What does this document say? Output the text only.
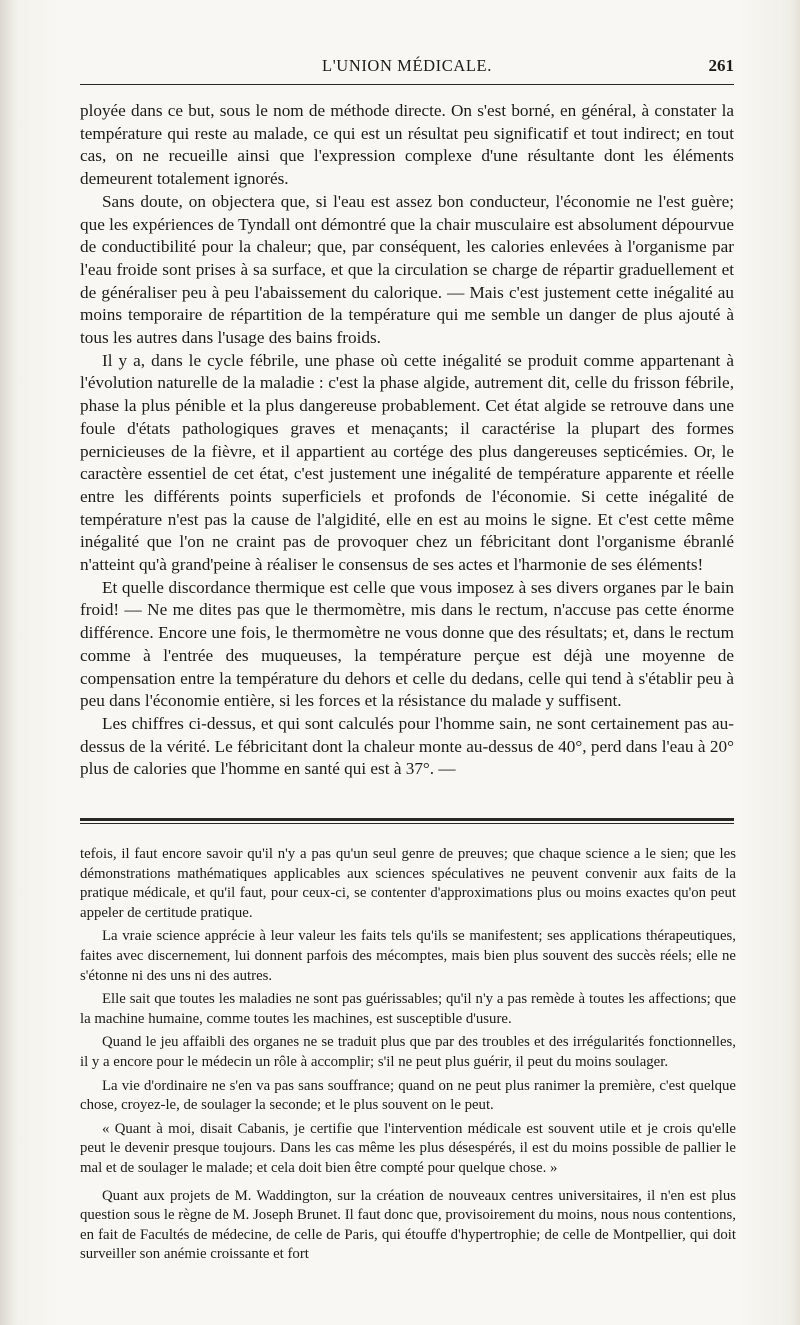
L'UNION MÉDICALE.	261

ployée dans ce but, sous le nom de méthode directe. On s'est borné, en général, à constater la température qui reste au malade, ce qui est un résultat peu significatif et tout indirect; en tout cas, on ne recueille ainsi que l'expression complexe d'une résultante dont les éléments demeurent totalement ignorés.

Sans doute, on objectera que, si l'eau est assez bon conducteur, l'économie ne l'est guère; que les expériences de Tyndall ont démontré que la chair musculaire est absolument dépourvue de conductibilité pour la chaleur; que, par conséquent, les calories enlevées à l'organisme par l'eau froide sont prises à sa surface, et que la circulation se charge de répartir graduellement et de généraliser peu à peu l'abaissement du calorique. — Mais c'est justement cette inégalité au moins temporaire de répartition de la température qui me semble un danger de plus ajouté à tous les autres dans l'usage des bains froids.

Il y a, dans le cycle fébrile, une phase où cette inégalité se produit comme appartenant à l'évolution naturelle de la maladie : c'est la phase algide, autrement dit, celle du frisson fébrile, phase la plus pénible et la plus dangereuse probablement. Cet état algide se retrouve dans une foule d'états pathologiques graves et menaçants; il caractérise la plupart des formes pernicieuses de la fièvre, et il appartient au cortége des plus dangereuses septicémies. Or, le caractère essentiel de cet état, c'est justement une inégalité de température apparente et réelle entre les différents points superficiels et profonds de l'économie. Si cette inégalité de température n'est pas la cause de l'algidité, elle en est au moins le signe. Et c'est cette même inégalité que l'on ne craint pas de provoquer chez un fébricitant dont l'organisme ébranlé n'atteint qu'à grand'peine à réaliser le consensus de ses actes et l'harmonie de ses éléments!

Et quelle discordance thermique est celle que vous imposez à ses divers organes par le bain froid! — Ne me dites pas que le thermomètre, mis dans le rectum, n'accuse pas cette énorme différence. Encore une fois, le thermomètre ne vous donne que des résultats; et, dans le rectum comme à l'entrée des muqueuses, la température perçue est déjà une moyenne de compensation entre la température du dehors et celle du dedans, celle qui tend à s'établir peu à peu dans l'économie entière, si les forces et la résistance du malade y suffisent.

Les chiffres ci-dessus, et qui sont calculés pour l'homme sain, ne sont certainement pas au-dessus de la vérité. Le fébricitant dont la chaleur monte au-dessus de 40°, perd dans l'eau à 20° plus de calories que l'homme en santé qui est à 37°. —

tefois, il faut encore savoir qu'il n'y a pas qu'un seul genre de preuves; que chaque science a le sien; que les démonstrations mathématiques applicables aux sciences spéculatives ne peuvent convenir aux faits de la pratique médicale, et qu'il faut, pour ceux-ci, se contenter d'approximations plus ou moins exactes qu'on peut appeler de certitude pratique.

La vraie science apprécie à leur valeur les faits tels qu'ils se manifestent; ses applications thérapeutiques, faites avec discernement, lui donnent parfois des mécomptes, mais bien plus souvent des succès réels; elle ne s'étonne ni des uns ni des autres.

Elle sait que toutes les maladies ne sont pas guérissables; qu'il n'y a pas remède à toutes les affections; que la machine humaine, comme toutes les machines, est susceptible d'usure.

Quand le jeu affaibli des organes ne se traduit plus que par des troubles et des irrégularités fonctionnelles, il y a encore pour le médecin un rôle à accomplir; s'il ne peut plus guérir, il peut du moins soulager.

La vie d'ordinaire ne s'en va pas sans souffrance; quand on ne peut plus ranimer la première, c'est quelque chose, croyez-le, de soulager la seconde; et le plus souvent on le peut.

« Quant à moi, disait Cabanis, je certifie que l'intervention médicale est souvent utile et je crois qu'elle peut le devenir presque toujours. Dans les cas même les plus désespérés, il est du moins possible de pallier le mal et de soulager le malade; et cela doit bien être compté pour quelque chose. »

Quant aux projets de M. Waddington, sur la création de nouveaux centres universitaires, il n'en est plus question sous le règne de M. Joseph Brunet. Il faut donc que, provisoirement du moins, nous nous contentions, en fait de Facultés de médecine, de celle de Paris, qui étouffe d'hypertrophie; de celle de Montpellier, qui doit surveiller son anémie croissante et fort
